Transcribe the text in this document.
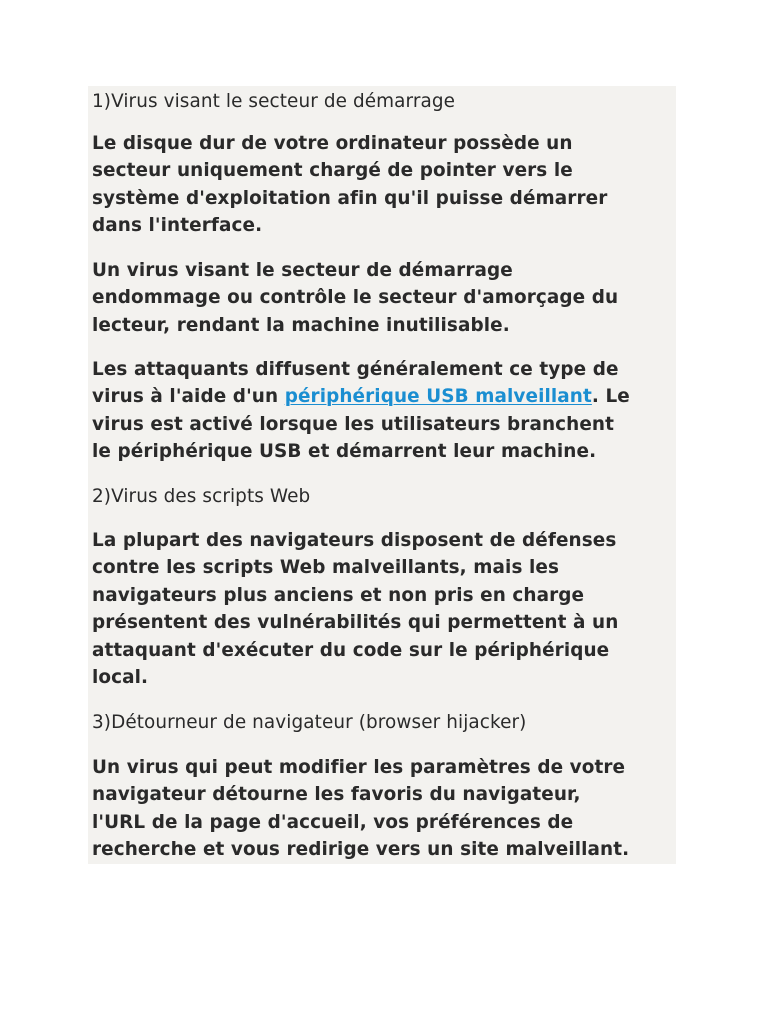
1)Virus visant le secteur de démarrage

Le disque dur de votre ordinateur possède un
secteur uniquement chargé de pointer vers le
système d'exploitation afin qu'il puisse démarrer
dans l'interface.

Un virus visant le secteur de démarrage
endommage ou contrôle le secteur d'amorçage du
lecteur, rendant la machine inutilisable.

Les attaquants diffusent généralement ce type de
virus à l'aide d'un périphérique USB malveillant. Le
virus est activé lorsque les utilisateurs branchent
le périphérique USB et démarrent leur machine.

2)Virus des scripts Web

La plupart des navigateurs disposent de défenses
contre les scripts Web malveillants, mais les
navigateurs plus anciens et non pris en charge
présentent des vulnérabilités qui permettent à un
attaquant d'exécuter du code sur le périphérique
local.

3)Détourneur de navigateur (browser hijacker)

Un virus qui peut modifier les paramètres de votre
navigateur détourne les favoris du navigateur,
l'URL de la page d'accueil, vos préférences de
recherche et vous redirige vers un site malveillant.
